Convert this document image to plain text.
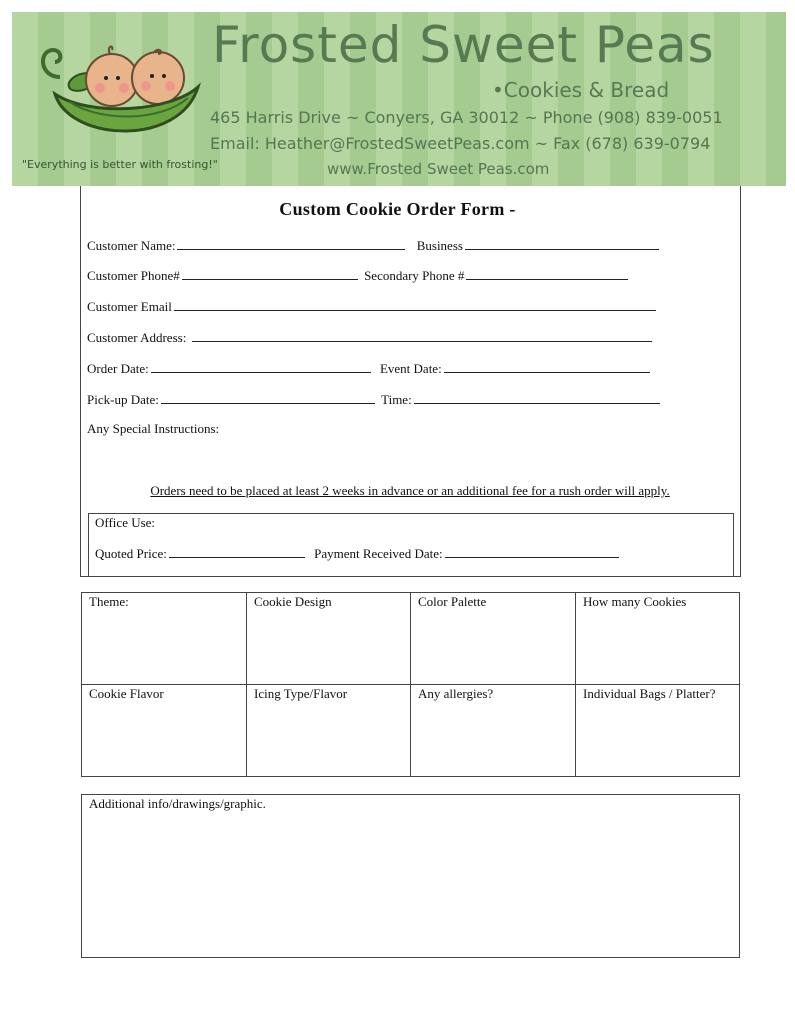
Frosted Sweet Peas
•Cookies & Bread
465 Harris Drive ~ Conyers, GA 30012 ~ Phone (908) 839-0051
Email: Heather@FrostedSweetPeas.com ~ Fax (678) 639-0794
www.Frosted Sweet Peas.com
"Everything is better with frosting!"
Custom Cookie Order Form -
Customer Name:	Business
Customer Phone#	Secondary Phone #
Customer Email
Customer Address:
Order Date:	Event Date:
Pick-up Date:	Time:
Any Special Instructions:
Orders need to be placed at least 2 weeks in advance or an additional fee for a rush order will apply.
Office Use:
Quoted Price:	Payment Received Date:
Theme:	Cookie Design	Color Palette	How many Cookies
Cookie Flavor	Icing Type/Flavor	Any allergies?	Individual Bags / Platter?
Additional info/drawings/graphic.
